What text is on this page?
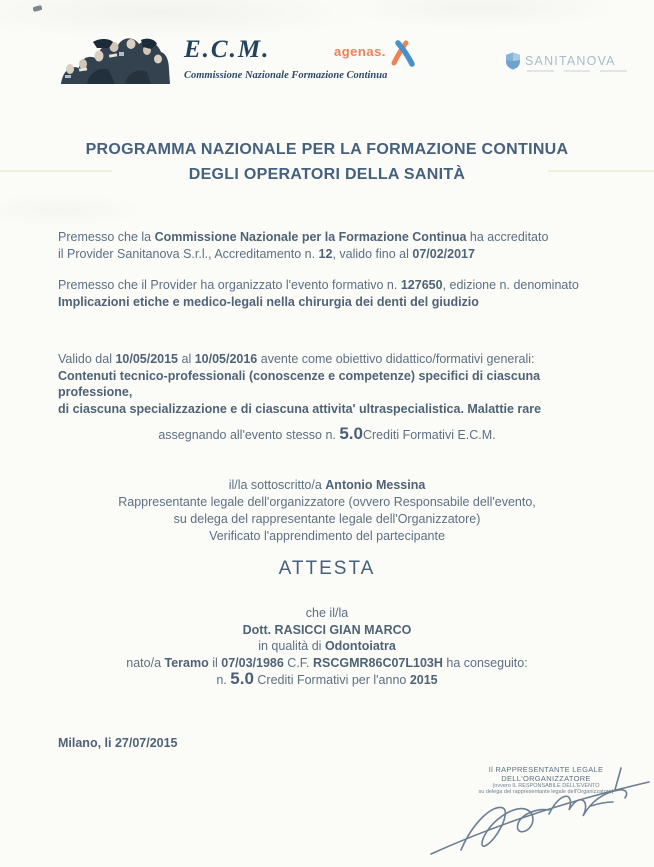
E.C.M.
Commissione Nazionale Formazione Continua
agenas.
SANITANOVA
PROGRAMMA NAZIONALE PER LA FORMAZIONE CONTINUA
DEGLI OPERATORI DELLA SANITÀ
Premesso che la Commissione Nazionale per la Formazione Continua ha accreditato
il Provider Sanitanova S.r.l., Accreditamento n. 12, valido fino al 07/02/2017
Premesso che il Provider ha organizzato l'evento formativo n. 127650, edizione n. denominato
Implicazioni etiche e medico-legali nella chirurgia dei denti del giudizio
Valido dal 10/05/2015 al 10/05/2016 avente come obiettivo didattico/formativi generali:
Contenuti tecnico-professionali (conoscenze e competenze) specifici di ciascuna professione,
di ciascuna specializzazione e di ciascuna attivita' ultraspecialistica. Malattie rare
assegnando all'evento stesso n. 5.0Crediti Formativi E.C.M.
il/la sottoscritto/a Antonio Messina
Rappresentante legale dell'organizzatore (ovvero Responsabile dell'evento,
su delega del rappresentante legale dell'Organizzatore)
Verificato l'apprendimento del partecipante
ATTESTA
che il/la
Dott. RASICCI GIAN MARCO
in qualità di Odontoiatra
nato/a Teramo il 07/03/1986 C.F. RSCGMR86C07L103H ha conseguito:
n. 5.0 Crediti Formativi per l'anno 2015
Milano, li 27/07/2015
Il RAPPRESENTANTE LEGALE
DELL'ORGANIZZATORE
(ovvero IL RESPONSABILE DELL'EVENTO
su delega del rappresentante legale dell'Organizzatore)
